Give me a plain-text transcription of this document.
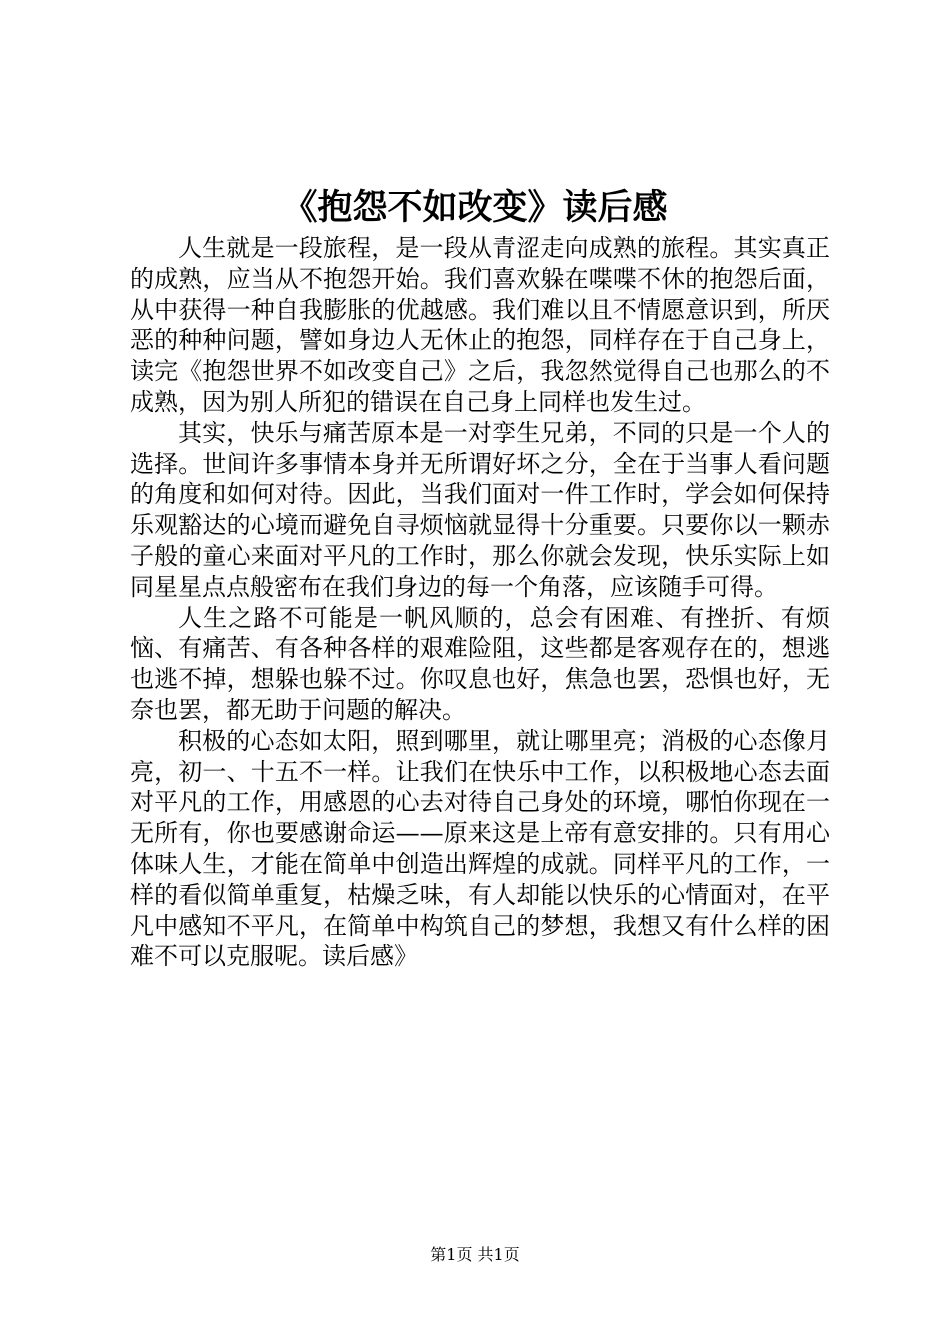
《抱怨不如改变》读后感

人生就是一段旅程，是一段从青涩走向成熟的旅程。其实真正的成熟，应当从不抱怨开始。我们喜欢躲在喋喋不休的抱怨后面，从中获得一种自我膨胀的优越感。我们难以且不情愿意识到，所厌恶的种种问题，譬如身边人无休止的抱怨，同样存在于自己身上，读完《抱怨世界不如改变自己》之后，我忽然觉得自己也那么的不成熟，因为别人所犯的错误在自己身上同样也发生过。

其实，快乐与痛苦原本是一对孪生兄弟，不同的只是一个人的选择。世间许多事情本身并无所谓好坏之分，全在于当事人看问题的角度和如何对待。因此，当我们面对一件工作时，学会如何保持乐观豁达的心境而避免自寻烦恼就显得十分重要。只要你以一颗赤子般的童心来面对平凡的工作时，那么你就会发现，快乐实际上如同星星点点般密布在我们身边的每一个角落，应该随手可得。

人生之路不可能是一帆风顺的，总会有困难、有挫折、有烦恼、有痛苦、有各种各样的艰难险阻，这些都是客观存在的，想逃也逃不掉，想躲也躲不过。你叹息也好，焦急也罢，恐惧也好，无奈也罢，都无助于问题的解决。

积极的心态如太阳，照到哪里，就让哪里亮；消极的心态像月亮，初一、十五不一样。让我们在快乐中工作，以积极地心态去面对平凡的工作，用感恩的心去对待自己身处的环境，哪怕你现在一无所有，你也要感谢命运——原来这是上帝有意安排的。只有用心体味人生，才能在简单中创造出辉煌的成就。同样平凡的工作，一样的看似简单重复，枯燥乏味，有人却能以快乐的心情面对，在平凡中感知不平凡，在简单中构筑自己的梦想，我想又有什么样的困难不可以克服呢。读后感》

第1页 共1页
